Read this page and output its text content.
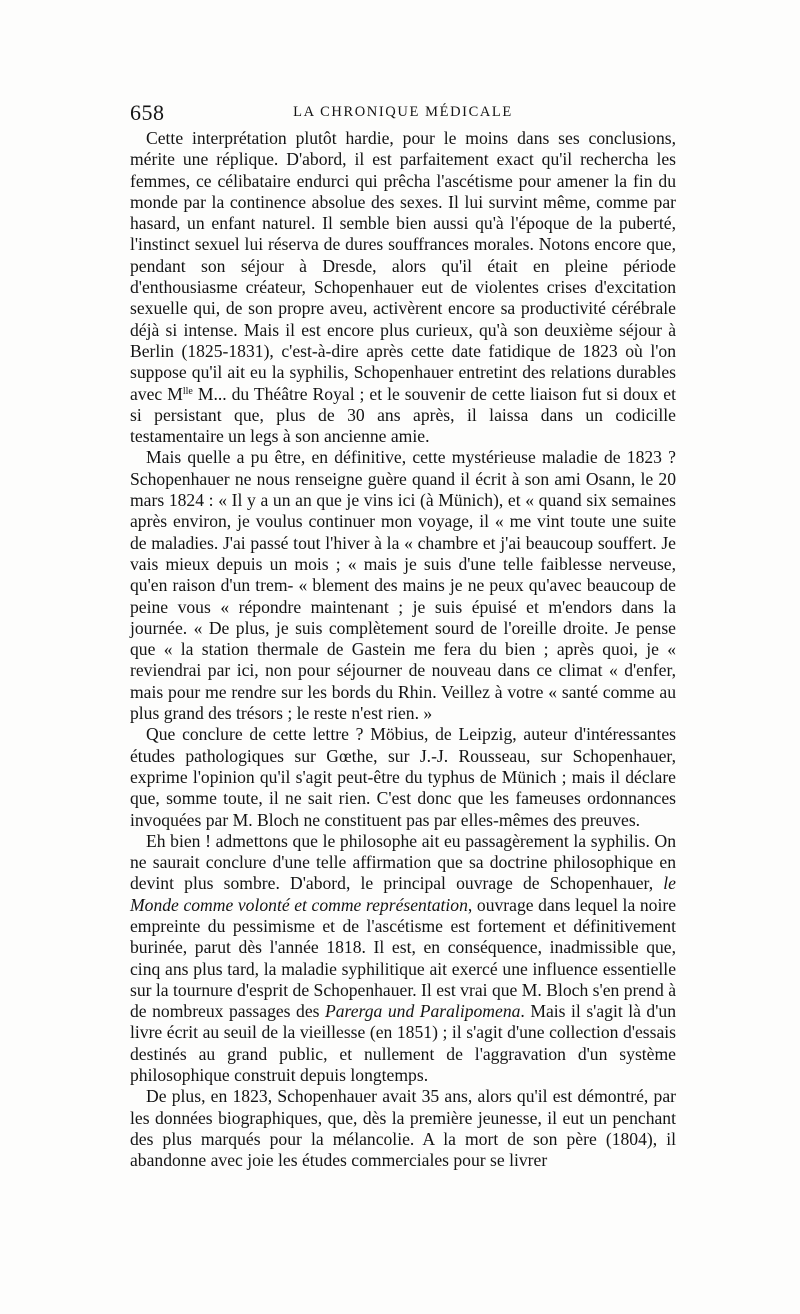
658	LA CHRONIQUE MÉDICALE

Cette interprétation plutôt hardie, pour le moins dans ses conclusions, mérite une réplique. D'abord, il est parfaitement exact qu'il rechercha les femmes, ce célibataire endurci qui prêcha l'ascétisme pour amener la fin du monde par la continence absolue des sexes. Il lui survint même, comme par hasard, un enfant naturel. Il semble bien aussi qu'à l'époque de la puberté, l'instinct sexuel lui réserva de dures souffrances morales. Notons encore que, pendant son séjour à Dresde, alors qu'il était en pleine période d'enthousiasme créateur, Schopenhauer eut de violentes crises d'excitation sexuelle qui, de son propre aveu, activèrent encore sa productivité cérébrale déjà si intense. Mais il est encore plus curieux, qu'à son deuxième séjour à Berlin (1825-1831), c'est-à-dire après cette date fatidique de 1823 où l'on suppose qu'il ait eu la syphilis, Schopenhauer entretint des relations durables avec $M^{lle}$ M... du Théâtre Royal ; et le souvenir de cette liaison fut si doux et si persistant que, plus de 30 ans après, il laissa dans un codicille testamentaire un legs à son ancienne amie.

Mais quelle a pu être, en définitive, cette mystérieuse maladie de 1823 ? Schopenhauer ne nous renseigne guère quand il écrit à son ami Osann, le 20 mars 1824 : « Il y a un an que je vins ici (à Münich), et « quand six semaines après environ, je voulus continuer mon voyage, il « me vint toute une suite de maladies. J'ai passé tout l'hiver à la « chambre et j'ai beaucoup souffert. Je vais mieux depuis un mois ; « mais je suis d'une telle faiblesse nerveuse, qu'en raison d'un trem- « blement des mains je ne peux qu'avec beaucoup de peine vous « répondre maintenant ; je suis épuisé et m'endors dans la journée. « De plus, je suis complètement sourd de l'oreille droite. Je pense que « la station thermale de Gastein me fera du bien ; après quoi, je « reviendrai par ici, non pour séjourner de nouveau dans ce climat « d'enfer, mais pour me rendre sur les bords du Rhin. Veillez à votre « santé comme au plus grand des trésors ; le reste n'est rien. »

Que conclure de cette lettre ? Möbius, de Leipzig, auteur d'intéressantes études pathologiques sur Gœthe, sur J.-J. Rousseau, sur Schopenhauer, exprime l'opinion qu'il s'agit peut-être du typhus de Münich ; mais il déclare que, somme toute, il ne sait rien. C'est donc que les fameuses ordonnances invoquées par M. Bloch ne constituent pas par elles-mêmes des preuves.

Eh bien ! admettons que le philosophe ait eu passagèrement la syphilis. On ne saurait conclure d'une telle affirmation que sa doctrine philosophique en devint plus sombre. D'abord, le principal ouvrage de Schopenhauer, le Monde comme volonté et comme représentation, ouvrage dans lequel la noire empreinte du pessimisme et de l'ascétisme est fortement et définitivement burinée, parut dès l'année 1818. Il est, en conséquence, inadmissible que, cinq ans plus tard, la maladie syphilitique ait exercé une influence essentielle sur la tournure d'esprit de Schopenhauer. Il est vrai que M. Bloch s'en prend à de nombreux passages des Parerga und Paralipomena. Mais il s'agit là d'un livre écrit au seuil de la vieillesse (en 1851) ; il s'agit d'une collection d'essais destinés au grand public, et nullement de l'aggravation d'un système philosophique construit depuis longtemps.

De plus, en 1823, Schopenhauer avait 35 ans, alors qu'il est démontré, par les données biographiques, que, dès la première jeunesse, il eut un penchant des plus marqués pour la mélancolie. A la mort de son père (1804), il abandonne avec joie les études commerciales pour se livrer
